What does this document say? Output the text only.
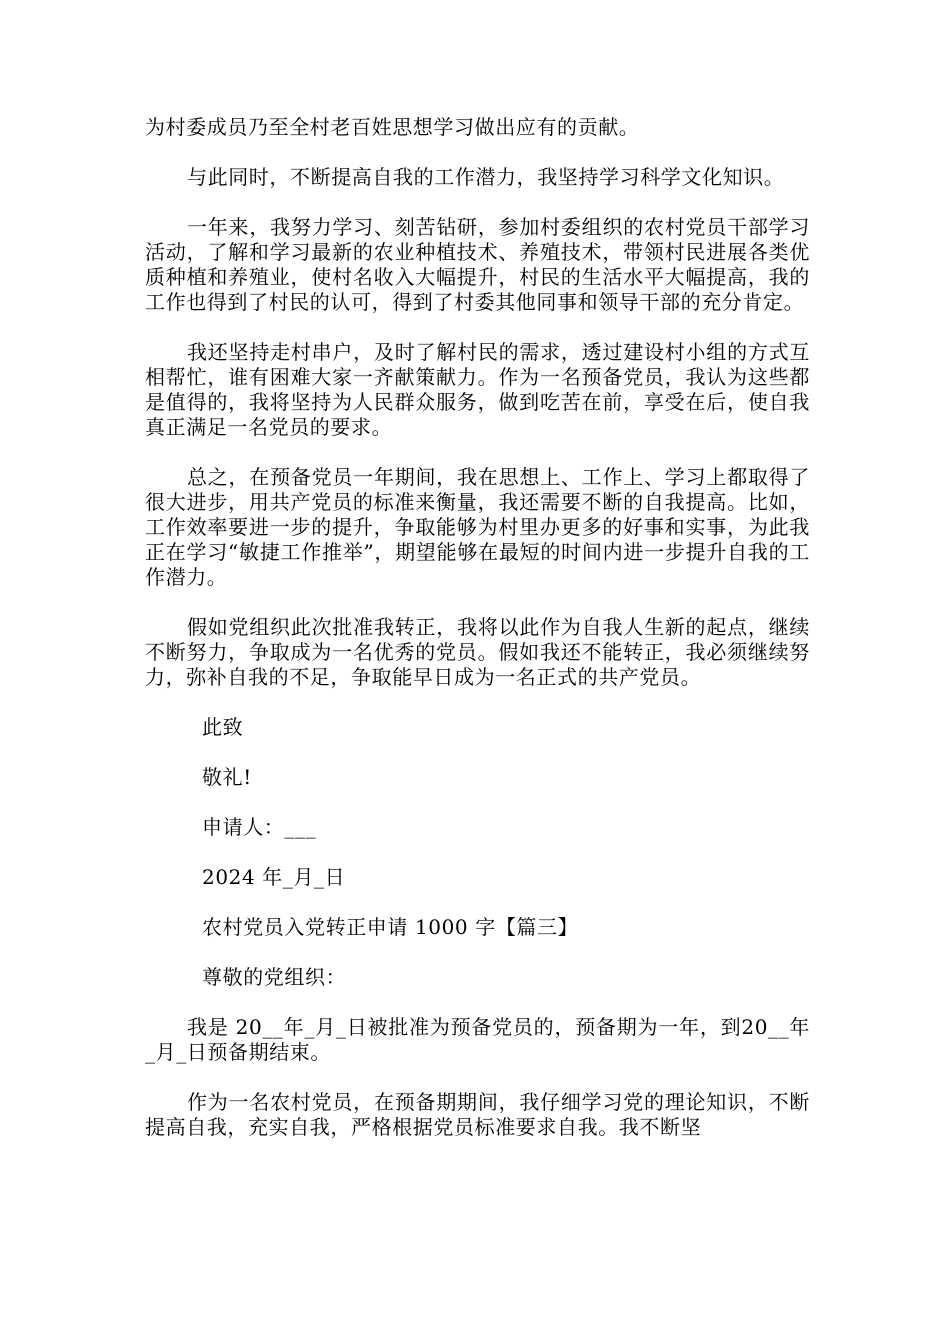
为村委成员乃至全村老百姓思想学习做出应有的贡献。

与此同时，不断提高自我的工作潜力，我坚持学习科学文化知识。

一年来，我努力学习、刻苦钻研，参加村委组织的农村党员干部学习活动，了解和学习最新的农业种植技术、养殖技术，带领村民进展各类优质种植和养殖业，使村名收入大幅提升，村民的生活水平大幅提高，我的工作也得到了村民的认可，得到了村委其他同事和领导干部的充分肯定。

我还坚持走村串户，及时了解村民的需求，透过建设村小组的方式互相帮忙，谁有困难大家一齐献策献力。作为一名预备党员，我认为这些都是值得的，我将坚持为人民群众服务，做到吃苦在前，享受在后，使自我真正满足一名党员的要求。

总之，在预备党员一年期间，我在思想上、工作上、学习上都取得了很大进步，用共产党员的标准来衡量，我还需要不断的自我提高。比如，工作效率要进一步的提升，争取能够为村里办更多的好事和实事，为此我正在学习“敏捷工作推举”，期望能够在最短的时间内进一步提升自我的工作潜力。

假如党组织此次批准我转正，我将以此作为自我人生新的起点，继续不断努力，争取成为一名优秀的党员。假如我还不能转正，我必须继续努力，弥补自我的不足，争取能早日成为一名正式的共产党员。

此致
敬礼!
申请人：___
2024 年_月_日
农村党员入党转正申请 1000 字【篇三】
尊敬的党组织：

我是 20__年_月_日被批准为预备党员的，预备期为一年，到20__年_月_日预备期结束。

作为一名农村党员，在预备期期间，我仔细学习党的理论知识，不断提高自我，充实自我，严格根据党员标准要求自我。我不断坚
